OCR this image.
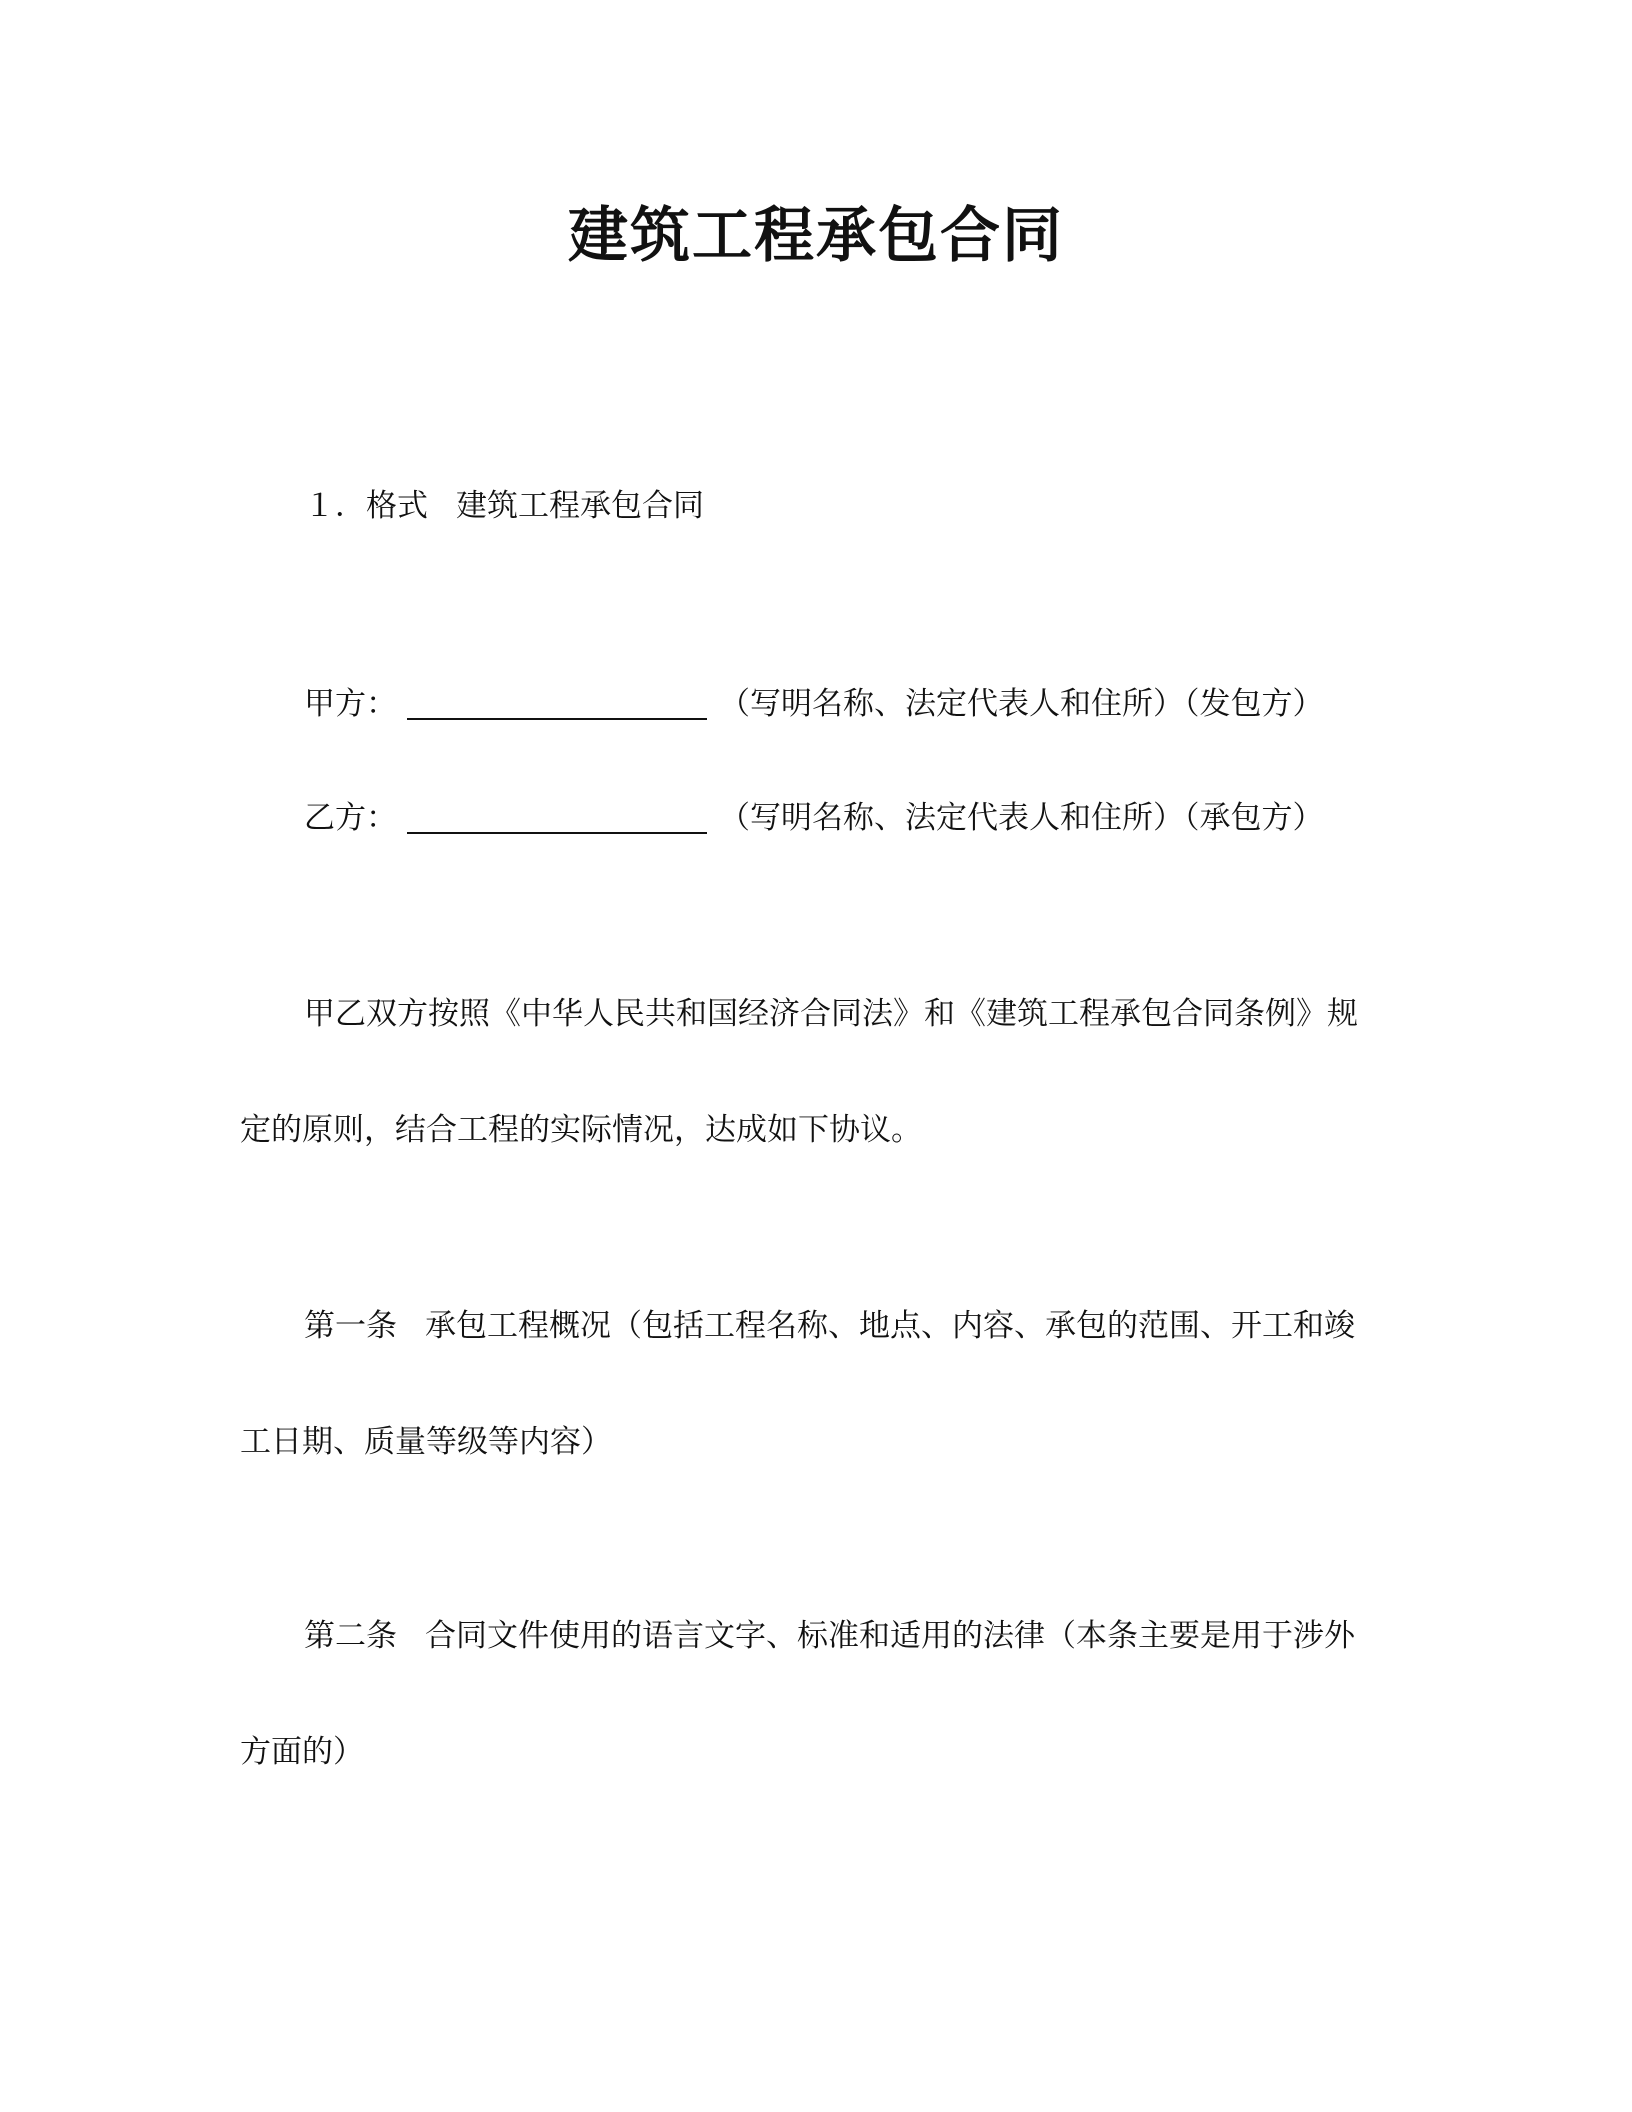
建筑工程承包合同
１．格式 建筑工程承包合同
甲方：	（写明名称、法定代表人和住所）（发包方）
乙方：	（写明名称、法定代表人和住所）（承包方）
甲乙双方按照《中华人民共和国经济合同法》和《建筑工程承包合同条例》规
定的原则，结合工程的实际情况，达成如下协议。
第一条 承包工程概况（包括工程名称、地点、内容、承包的范围、开工和竣
工日期、质量等级等内容）
第二条 合同文件使用的语言文字、标准和适用的法律（本条主要是用于涉外
方面的）
